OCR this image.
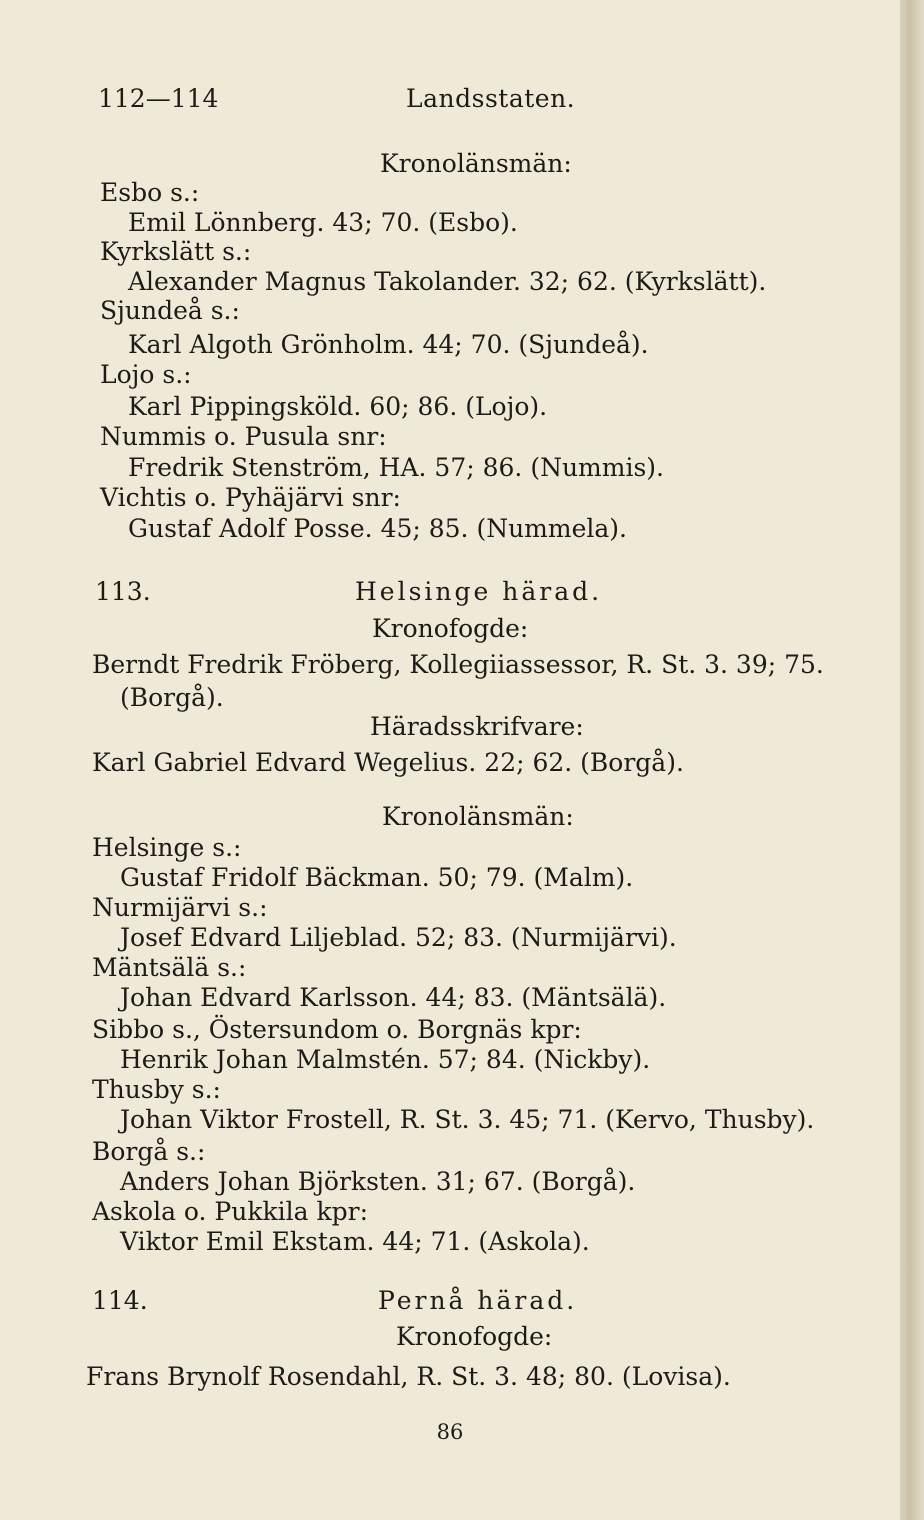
112—114	Landsstaten.
Kronolänsmän:
Esbo s.:
Emil Lönnberg. 43; 70. (Esbo).
Kyrkslätt s.:
Alexander Magnus Takolander. 32; 62. (Kyrkslätt).
Sjundeå s.:
Karl Algoth Grönholm. 44; 70. (Sjundeå).
Lojo s.:
Karl Pippingsköld. 60; 86. (Lojo).
Nummis o. Pusula snr:
Fredrik Stenström, HA. 57; 86. (Nummis).
Vichtis o. Pyhäjärvi snr:
Gustaf Adolf Posse. 45; 85. (Nummela).
113.	Helsinge härad.
Kronofogde:
Berndt Fredrik Fröberg, Kollegiiassessor, R. St. 3. 39; 75.
(Borgå).
Häradsskrifvare:
Karl Gabriel Edvard Wegelius. 22; 62. (Borgå).
Kronolänsmän:
Helsinge s.:
Gustaf Fridolf Bäckman. 50; 79. (Malm).
Nurmijärvi s.:
Josef Edvard Liljeblad. 52; 83. (Nurmijärvi).
Mäntsälä s.:
Johan Edvard Karlsson. 44; 83. (Mäntsälä).
Sibbo s., Östersundom o. Borgnäs kpr:
Henrik Johan Malmstén. 57; 84. (Nickby).
Thusby s.:
Johan Viktor Frostell, R. St. 3. 45; 71. (Kervo, Thusby).
Borgå s.:
Anders Johan Björksten. 31; 67. (Borgå).
Askola o. Pukkila kpr:
Viktor Emil Ekstam. 44; 71. (Askola).
114.	Pernå härad.
Kronofogde:
Frans Brynolf Rosendahl, R. St. 3. 48; 80. (Lovisa).
86
